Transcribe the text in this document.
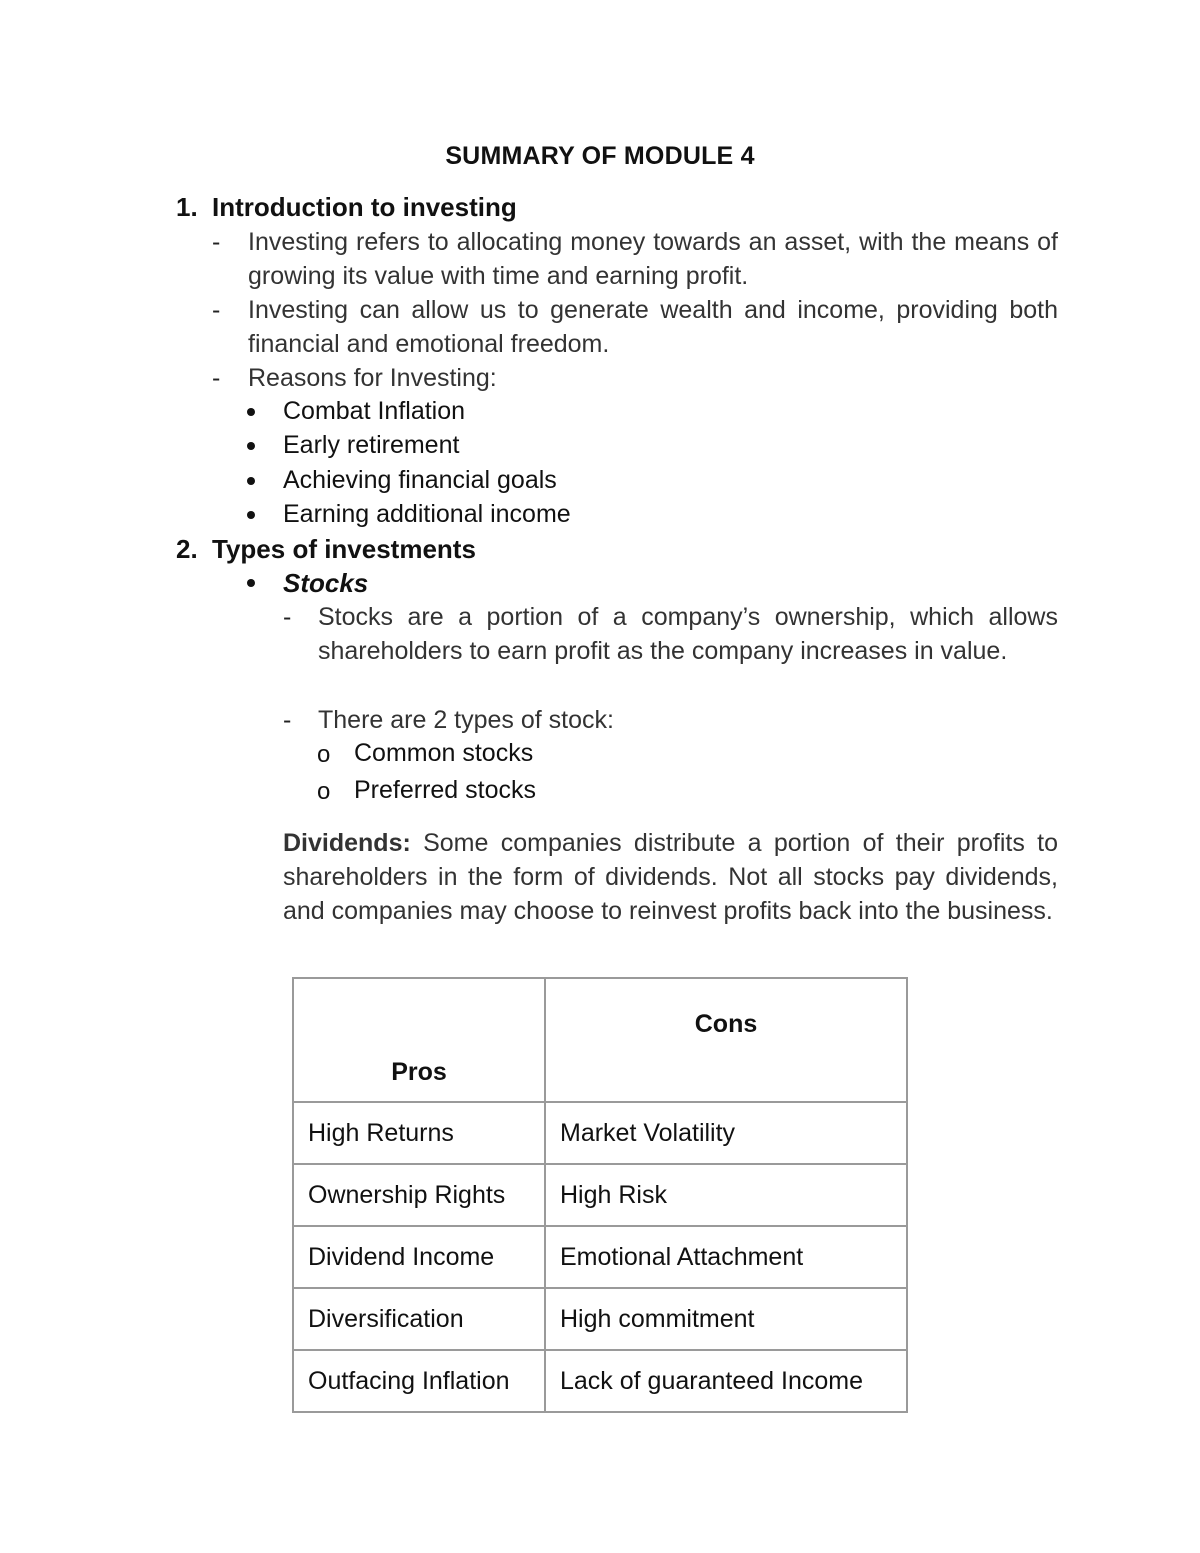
SUMMARY OF MODULE 4
1. Introduction to investing
- Investing refers to allocating money towards an asset, with the means of growing its value with time and earning profit.

- Investing can allow us to generate wealth and income, providing both financial and emotional freedom.

- Reasons for Investing:

Combat Inflation
Early retirement
Achieving financial goals
Earning additional income
2. Types of investments
Stocks
- Stocks are a portion of a company’s ownership, which allows shareholders to earn profit as the company increases in value.

- There are 2 types of stock:

o Common stocks
o Preferred stocks

Dividends: Some companies distribute a portion of their profits to shareholders in the form of dividends. Not all stocks pay dividends, and companies may choose to reinvest profits back into the business.

Pros	Cons
High Returns	Market Volatility
Ownership Rights	High Risk
Dividend Income	Emotional Attachment
Diversification	High commitment
Outfacing Inflation	Lack of guaranteed Income
